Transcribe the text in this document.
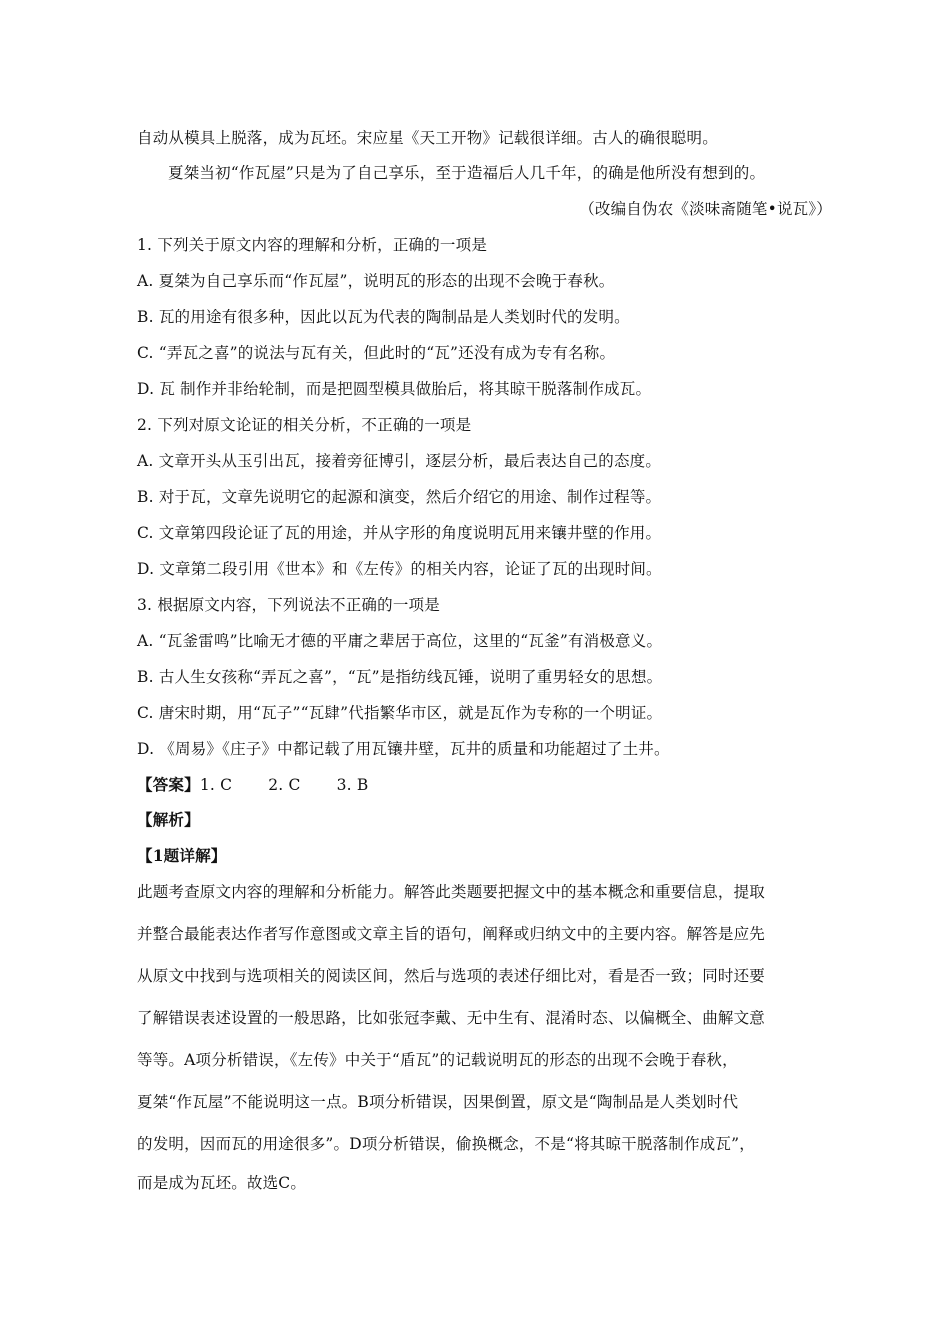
自动从模具上脱落，成为瓦坯。宋应星《天工开物》记载很详细。古人的确很聪明。
夏桀当初“作瓦屋”只是为了自己享乐，至于造福后人几千年，的确是他所没有想到的。
（改编自伪农《淡味斋随笔•说瓦》）
1. 下列关于原文内容的理解和分析，正确的一项是
A. 夏桀为自己享乐而“作瓦屋”，说明瓦的形态的出现不会晚于春秋。
B. 瓦的用途有很多种，因此以瓦为代表的陶制品是人类划时代的发明。
C. “弄瓦之喜”的说法与瓦有关，但此时的“瓦”还没有成为专有名称。
D. 瓦 制作并非绐轮制，而是把圆型模具做胎后，将其晾干脱落制作成瓦。
2. 下列对原文论证的相关分析，不正确的一项是
A. 文章开头从玉引出瓦，接着旁征博引，逐层分析，最后表达自己的态度。
B. 对于瓦，文章先说明它的起源和演变，然后介绍它的用途、制作过程等。
C. 文章第四段论证了瓦的用途，并从字形的角度说明瓦用来镶井壁的作用。
D. 文章第二段引用《世本》和《左传》的相关内容，论证了瓦的出现时间。
3. 根据原文内容，下列说法不正确的一项是
A. “瓦釜雷鸣”比喻无才德的平庸之辈居于高位，这里的“瓦釜”有消极意义。
B. 古人生女孩称“弄瓦之喜”，“瓦”是指纺线瓦锤，说明了重男轻女的思想。
C. 唐宋时期，用“瓦子”“瓦肆”代指繁华市区，就是瓦作为专称的一个明证。
D. 《周易》《庄子》中都记载了用瓦镶井壁，瓦井的质量和功能超过了土井。
【答案】1. C 2. C 3. B
【解析】
【1题详解】
此题考查原文内容的理解和分析能力。解答此类题要把握文中的基本概念和重要信息，提取
并整合最能表达作者写作意图或文章主旨的语句，阐释或归纳文中的主要内容。解答是应先
从原文中找到与选项相关的阅读区间，然后与选项的表述仔细比对，看是否一致；同时还要
了解错误表述设置的一般思路，比如张冠李戴、无中生有、混淆时态、以偏概全、曲解文意
等等。A项分析错误，《左传》中关于“盾瓦”的记载说明瓦的形态的出现不会晚于春秋，
夏桀“作瓦屋”不能说明这一点。B项分析错误，因果倒置，原文是“陶制品是人类划时代
的发明，因而瓦的用途很多”。D项分析错误，偷换概念，不是“将其晾干脱落制作成瓦”，
而是成为瓦坯。故选C。
